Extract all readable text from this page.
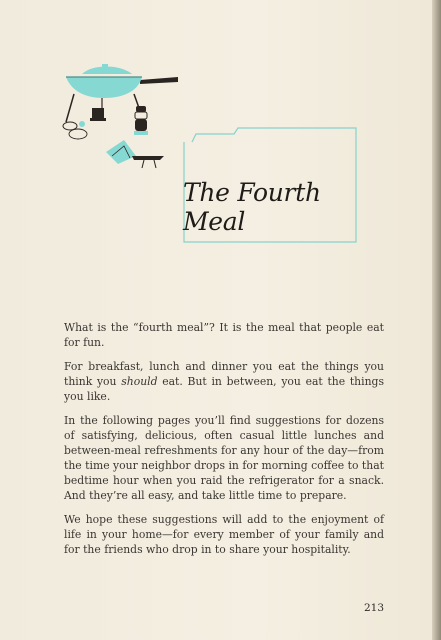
The Fourth Meal

What is the “fourth meal”? It is the meal that people eat for fun.

For breakfast, lunch and dinner you eat the things you think you should eat. But in between, you eat the things you like.

In the following pages you’ll find suggestions for dozens of satisfying, delicious, often casual little lunches and between-meal refreshments for any hour of the day—from the time your neighbor drops in for morning coffee to that bedtime hour when you raid the refrigerator for a snack. And they’re all easy, and take little time to prepare.

We hope these suggestions will add to the enjoyment of life in your home—for every member of your family and for the friends who drop in to share your hospitality.

213
